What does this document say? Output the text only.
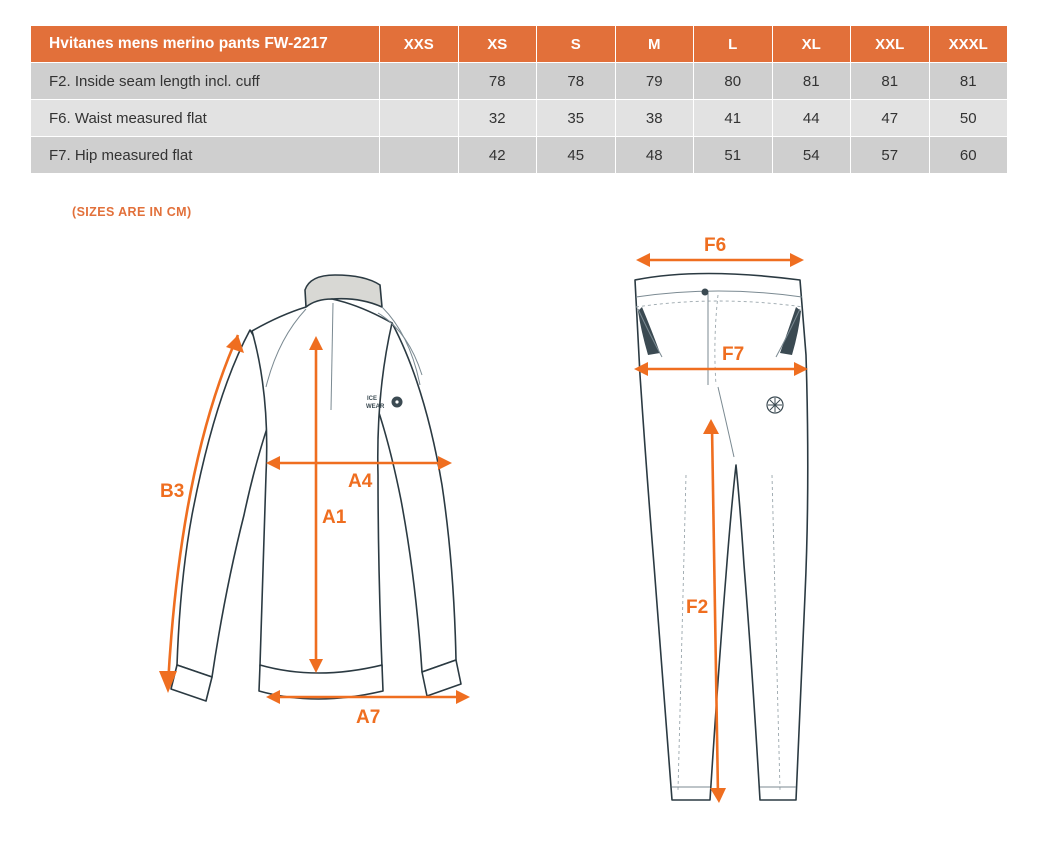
Hvitanes mens merino pants FW-2217	XXS	XS	S	M	L	XL	XXL	XXXL
F2. Inside seam length incl. cuff		78	78	79	80	81	81	81
F6. Waist measured flat		32	35	38	41	44	47	50
F7. Hip measured flat		42	45	48	51	54	57	60
(SIZES ARE IN CM)
ICE
WEAR
B3	A4
A1
A7
F6
F7
F2
